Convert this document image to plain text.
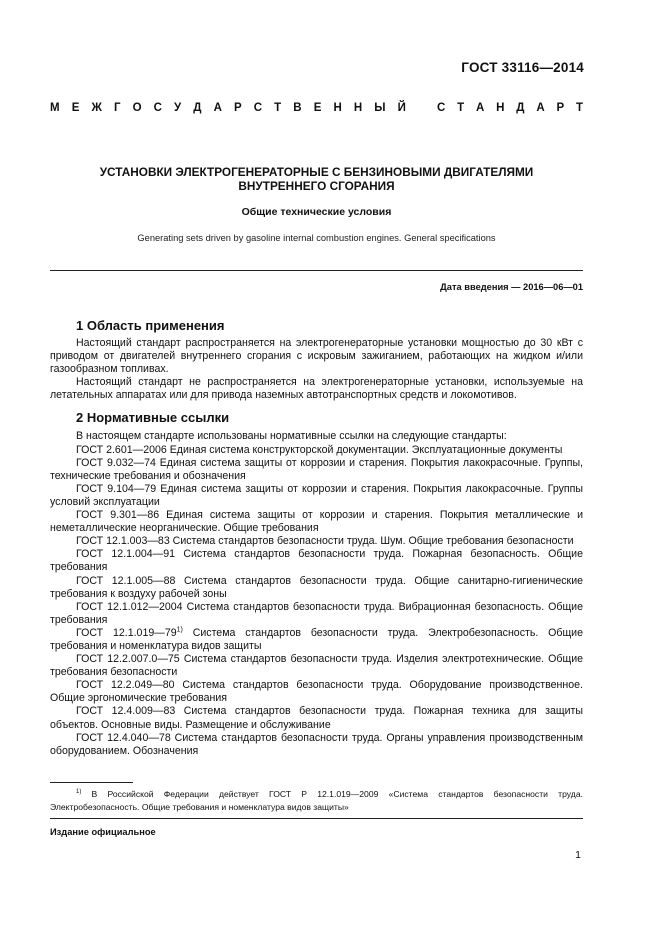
ГОСТ 33116—2014
М Е Ж Г О С У Д А Р С Т В Е Н Н Ы Й	С Т А Н Д А Р Т
УСТАНОВКИ ЭЛЕКТРОГЕНЕРАТОРНЫЕ С БЕНЗИНОВЫМИ ДВИГАТЕЛЯМИ
ВНУТРЕННЕГО СГОРАНИЯ
Общие технические условия
Generating sets driven by gasoline internal combustion engines. General specifications
Дата введения — 2016—06—01
1 Область применения

Настоящий стандарт распространяется на электрогенераторные установки мощностью до 30 кВт с приводом от двигателей внутреннего сгорания с искровым зажиганием, работающих на жидком и/или газообразном топливах.

Настоящий стандарт не распространяется на электрогенераторные установки, используемые на летательных аппаратах или для привода наземных автотранспортных средств и локомотивов.

2 Нормативные ссылки

В настоящем стандарте использованы нормативные ссылки на следующие стандарты:

ГОСТ 2.601—2006 Единая система конструкторской документации. Эксплуатационные документы

ГОСТ 9.032—74 Единая система защиты от коррозии и старения. Покрытия лакокрасочные. Группы, технические требования и обозначения

ГОСТ 9.104—79 Единая система защиты от коррозии и старения. Покрытия лакокрасочные. Группы условий эксплуатации

ГОСТ 9.301—86 Единая система защиты от коррозии и старения. Покрытия металлические и неметаллические неорганические. Общие требования

ГОСТ 12.1.003—83 Система стандартов безопасности труда. Шум. Общие требования безопасности

ГОСТ 12.1.004—91 Система стандартов безопасности труда. Пожарная безопасность. Общие требования

ГОСТ 12.1.005—88 Система стандартов безопасности труда. Общие санитарно-гигиенические требования к воздуху рабочей зоны

ГОСТ 12.1.012—2004 Система стандартов безопасности труда. Вибрационная безопасность. Общие требования

ГОСТ 12.1.019—79$^{1)}$ Система стандартов безопасности труда. Электробезопасность. Общие требования и номенклатура видов защиты

ГОСТ 12.2.007.0—75 Система стандартов безопасности труда. Изделия электротехнические. Общие требования безопасности

ГОСТ 12.2.049—80 Система стандартов безопасности труда. Оборудование производственное. Общие эргономические требования

ГОСТ 12.4.009—83 Система стандартов безопасности труда. Пожарная техника для защиты объектов. Основные виды. Размещение и обслуживание

ГОСТ 12.4.040—78 Система стандартов безопасности труда. Органы управления производственным оборудованием. Обозначения

$^{1)}$ В Российской Федерации действует ГОСТ Р 12.1.019—2009 «Система стандартов безопасности труда. Электробезопасность. Общие требования и номенклатура видов защиты»
Издание официальное
1
